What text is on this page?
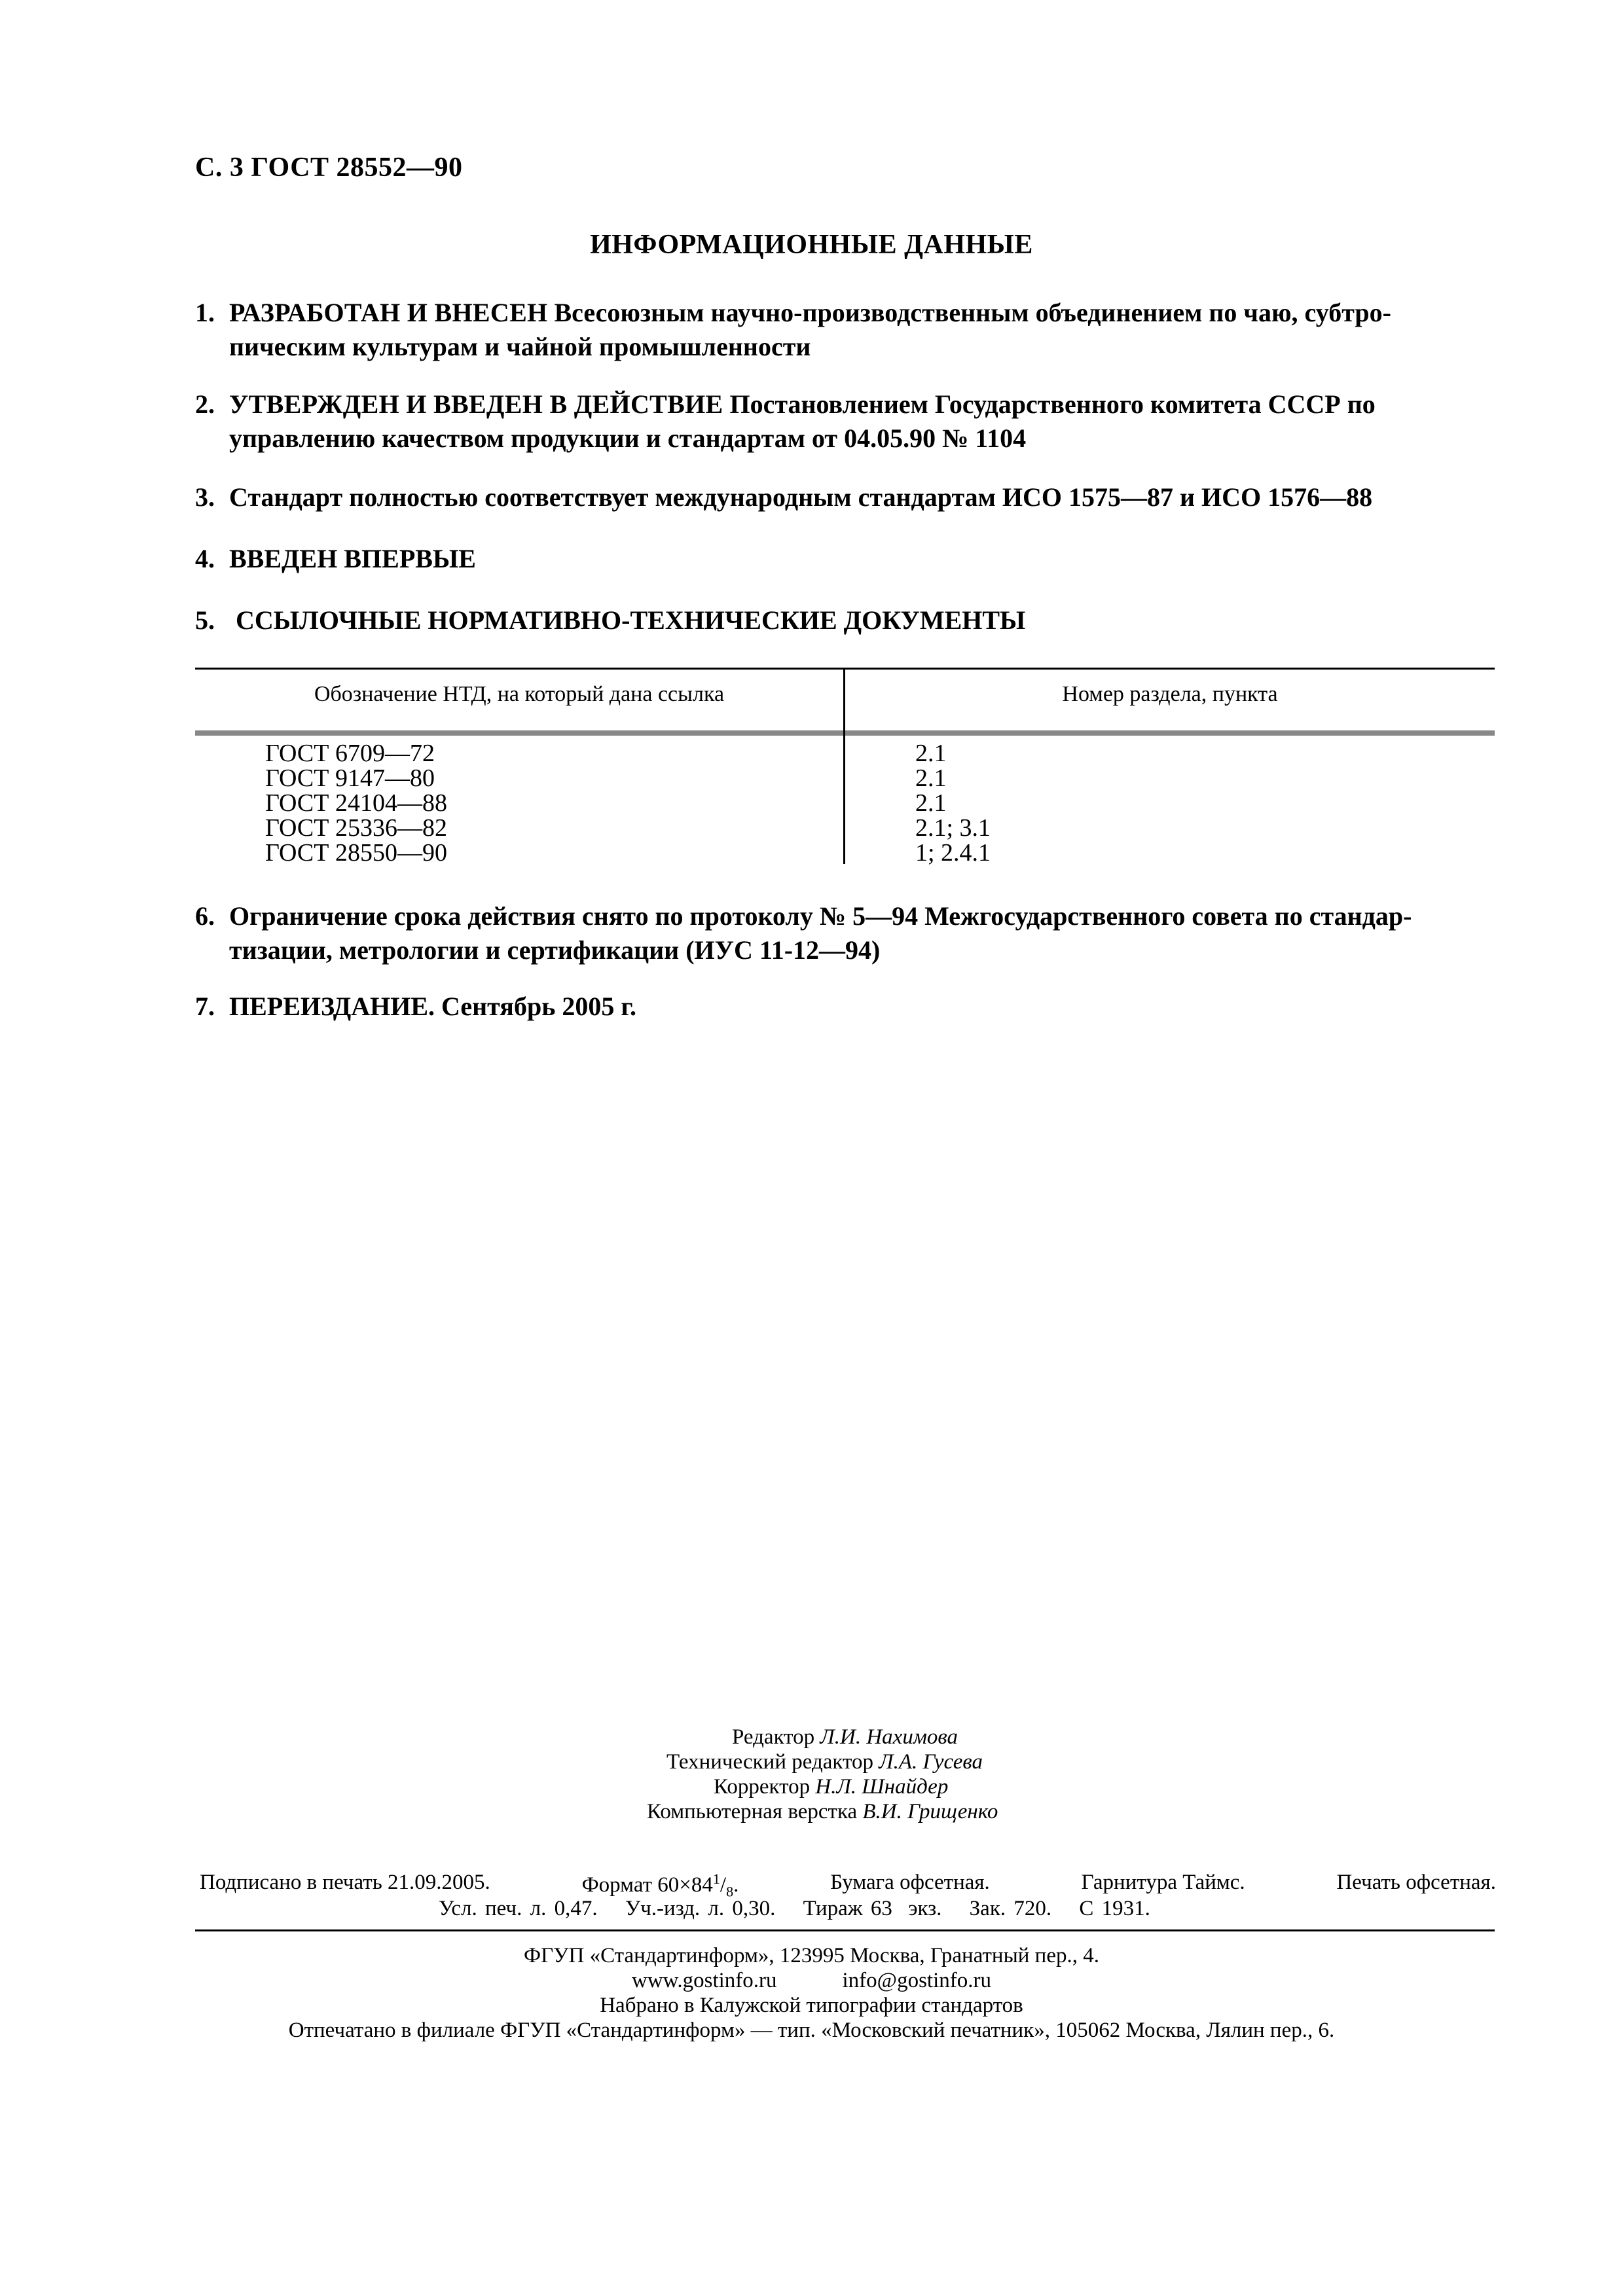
С. 3 ГОСТ 28552—90
ИНФОРМАЦИОННЫЕ ДАННЫЕ
1. РАЗРАБОТАН И ВНЕСЕН Всесоюзным научно-производственным объединением по чаю, субтро-
пическим культурам и чайной промышленности
2. УТВЕРЖДЕН И ВВЕДЕН В ДЕЙСТВИЕ Постановлением Государственного комитета СССР по
управлению качеством продукции и стандартам от 04.05.90 № 1104
3. Стандарт полностью соответствует международным стандартам ИСО 1575—87 и ИСО 1576—88
4. ВВЕДЕН ВПЕРВЫЕ
5. ССЫЛОЧНЫЕ НОРМАТИВНО-ТЕХНИЧЕСКИЕ ДОКУМЕНТЫ
Обозначение НТД, на который дана ссылка	Номер раздела, пункта
ГОСТ 6709—72	2.1
ГОСТ 9147—80	2.1
ГОСТ 24104—88	2.1
ГОСТ 25336—82	2.1; 3.1
ГОСТ 28550—90	1; 2.4.1
6. Ограничение срока действия снято по протоколу № 5—94 Межгосударственного совета по стандар-
тизации, метрологии и сертификации (ИУС 11-12—94)
7. ПЕРЕИЗДАНИЕ. Сентябрь 2005 г.
Редактор Л.И. Нахимова
Технический редактор Л.А. Гусева
Корректор Н.Л. Шнайдер
Компьютерная верстка В.И. Грищенко
Подписано в печать 21.09.2005.	Формат $60\times 84^1/_8$.	Бумага офсетная.	Гарнитура Таймс.	Печать офсетная.
Усл. печ. л. 0,47. Уч.-изд. л. 0,30. Тираж 63  экз. Зак. 720. С 1931.
ФГУП «Стандартинформ», 123995 Москва, Гранатный пер., 4.
www.gostinfo.ru	info@gostinfo.ru
Набрано в Калужской типографии стандартов
Отпечатано в филиале ФГУП «Стандартинформ» — тип. «Московский печатник», 105062 Москва, Лялин пер., 6.
